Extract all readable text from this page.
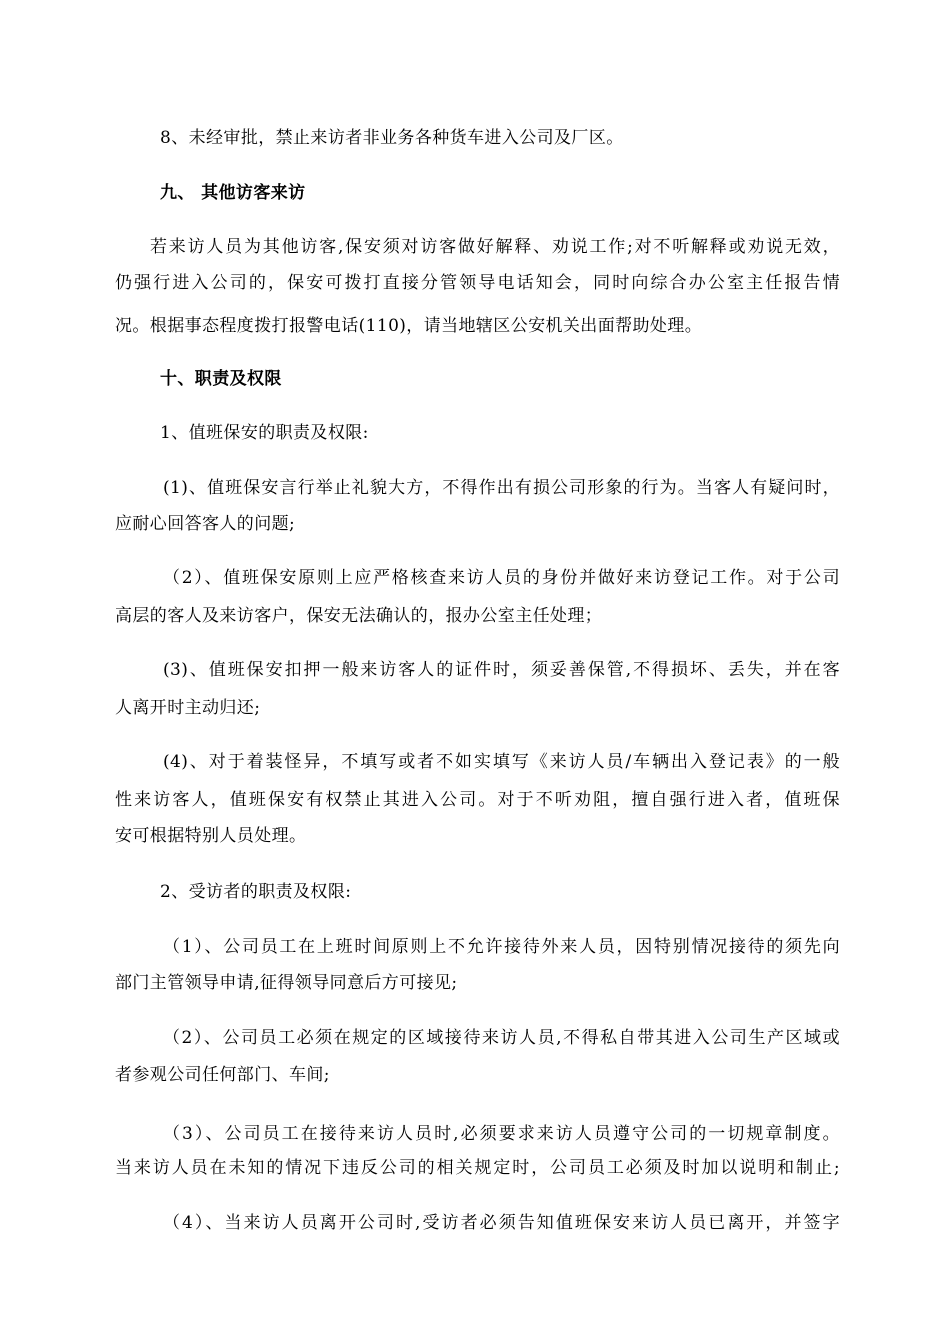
8、未经审批，禁止来访者非业务各种货车进入公司及厂区。
九、 其他访客来访
若来访人员为其他访客,保安须对访客做好解释、劝说工作;对不听解释或劝说无效，
仍强行进入公司的，保安可拨打直接分管领导电话知会，同时向综合办公室主任报告情
况。根据事态程度拨打报警电话(110)，请当地辖区公安机关出面帮助处理。
十、职责及权限
1、值班保安的职责及权限:
(1)、值班保安言行举止礼貌大方，不得作出有损公司形象的行为。当客人有疑问时，
应耐心回答客人的问题;
（2）、值班保安原则上应严格核查来访人员的身份并做好来访登记工作。对于公司
高层的客人及来访客户，保安无法确认的，报办公室主任处理；
(3)、值班保安扣押一般来访客人的证件时，须妥善保管,不得损坏、丢失，并在客
人离开时主动归还;
(4)、对于着装怪异，不填写或者不如实填写《来访人员/车辆出入登记表》的一般
性来访客人，值班保安有权禁止其进入公司。对于不听劝阻，擅自强行进入者，值班保
安可根据特别人员处理。
2、受访者的职责及权限:
（1）、公司员工在上班时间原则上不允许接待外来人员，因特别情况接待的须先向
部门主管领导申请,征得领导同意后方可接见;
（2）、公司员工必须在规定的区域接待来访人员,不得私自带其进入公司生产区域或
者参观公司任何部门、车间;
（3）、公司员工在接待来访人员时,必须要求来访人员遵守公司的一切规章制度。
当来访人员在未知的情况下违反公司的相关规定时，公司员工必须及时加以说明和制止;
（4）、当来访人员离开公司时,受访者必须告知值班保安来访人员已离开，并签字
